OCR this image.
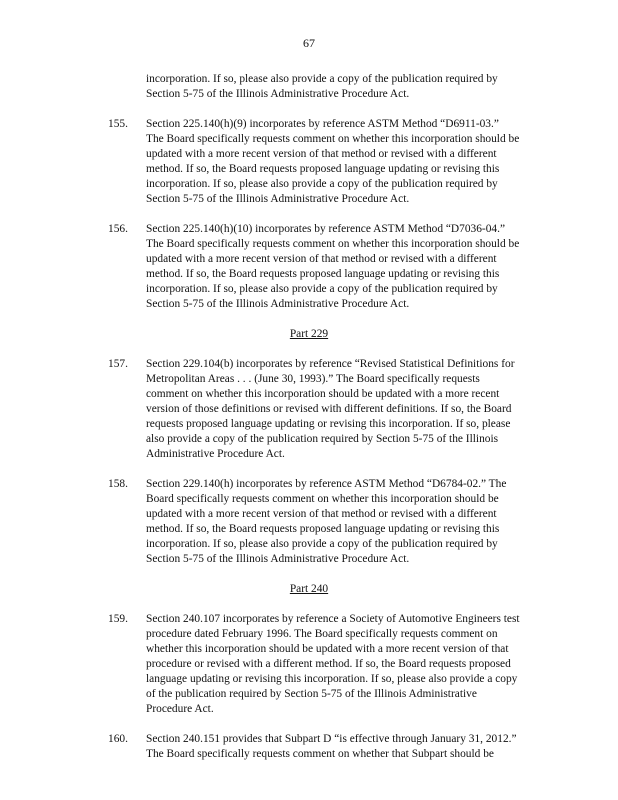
67
incorporation. If so, please also provide a copy of the publication required by
Section 5-75 of the Illinois Administrative Procedure Act.
155. Section 225.140(h)(9) incorporates by reference ASTM Method “D6911-03.”
The Board specifically requests comment on whether this incorporation should be
updated with a more recent version of that method or revised with a different
method. If so, the Board requests proposed language updating or revising this
incorporation. If so, please also provide a copy of the publication required by
Section 5-75 of the Illinois Administrative Procedure Act.
156. Section 225.140(h)(10) incorporates by reference ASTM Method “D7036-04.”
The Board specifically requests comment on whether this incorporation should be
updated with a more recent version of that method or revised with a different
method. If so, the Board requests proposed language updating or revising this
incorporation. If so, please also provide a copy of the publication required by
Section 5-75 of the Illinois Administrative Procedure Act.
Part 229
157. Section 229.104(b) incorporates by reference “Revised Statistical Definitions for
Metropolitan Areas . . . (June 30, 1993).” The Board specifically requests
comment on whether this incorporation should be updated with a more recent
version of those definitions or revised with different definitions. If so, the Board
requests proposed language updating or revising this incorporation. If so, please
also provide a copy of the publication required by Section 5-75 of the Illinois
Administrative Procedure Act.
158. Section 229.140(h) incorporates by reference ASTM Method “D6784-02.” The
Board specifically requests comment on whether this incorporation should be
updated with a more recent version of that method or revised with a different
method. If so, the Board requests proposed language updating or revising this
incorporation. If so, please also provide a copy of the publication required by
Section 5-75 of the Illinois Administrative Procedure Act.
Part 240
159. Section 240.107 incorporates by reference a Society of Automotive Engineers test
procedure dated February 1996. The Board specifically requests comment on
whether this incorporation should be updated with a more recent version of that
procedure or revised with a different method. If so, the Board requests proposed
language updating or revising this incorporation. If so, please also provide a copy
of the publication required by Section 5-75 of the Illinois Administrative
Procedure Act.
160. Section 240.151 provides that Subpart D “is effective through January 31, 2012.”
The Board specifically requests comment on whether that Subpart should be
